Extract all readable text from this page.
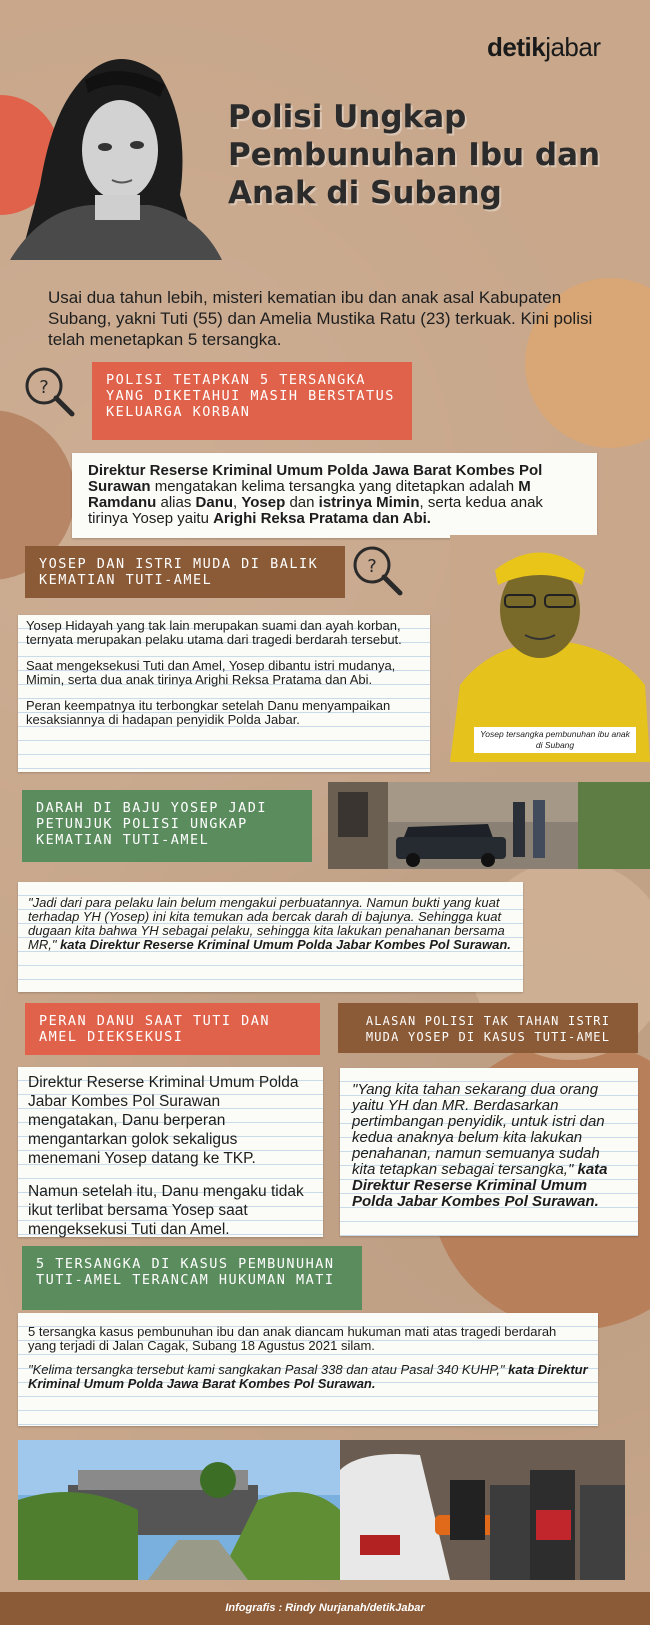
detikjabar
Polisi Ungkap
Pembunuhan Ibu dan
Anak di Subang
Usai dua tahun lebih, misteri kematian ibu dan anak asal Kabupaten Subang, yakni Tuti (55) dan Amelia Mustika Ratu (23) terkuak. Kini polisi telah menetapkan 5 tersangka.
?	POLISI TETAPKAN 5 TERSANGKA YANG DIKETAHUI MASIH BERSTATUS KELUARGA KORBAN
Direktur Reserse Kriminal Umum Polda Jawa Barat Kombes Pol Surawan mengatakan kelima tersangka yang ditetapkan adalah M Ramdanu alias Danu, Yosep dan istrinya Mimin, serta kedua anak tirinya Yosep yaitu Arighi Reksa Pratama dan Abi.
YOSEP DAN ISTRI MUDA DI BALIK KEMATIAN TUTI-AMEL
?
Yosep Hidayah yang tak lain merupakan suami dan ayah korban, ternyata merupakan pelaku utama dari tragedi berdarah tersebut.
Saat mengeksekusi Tuti dan Amel, Yosep dibantu istri mudanya, Mimin, serta dua anak tirinya Arighi Reksa Pratama dan Abi.
Peran keempatnya itu terbongkar setelah Danu menyampaikan kesaksiannya di hadapan penyidik Polda Jabar.
Yosep tersangka pembunuhan ibu anak di Subang
DARAH DI BAJU YOSEP JADI PETUNJUK POLISI UNGKAP KEMATIAN TUTI-AMEL
"Jadi dari para pelaku lain belum mengakui perbuatannya. Namun bukti yang kuat terhadap YH (Yosep) ini kita temukan ada bercak darah di bajunya. Sehingga kuat dugaan kita bahwa YH sebagai pelaku, sehingga kita lakukan penahanan bersama MR," kata Direktur Reserse Kriminal Umum Polda Jabar Kombes Pol Surawan.
PERAN DANU SAAT TUTI DAN AMEL DIEKSEKUSI
Direktur Reserse Kriminal Umum Polda Jabar Kombes Pol Surawan mengatakan, Danu berperan mengantarkan golok sekaligus menemani Yosep datang ke TKP.
Namun setelah itu, Danu mengaku tidak ikut terlibat bersama Yosep saat mengeksekusi Tuti dan Amel.
ALASAN POLISI TAK TAHAN ISTRI MUDA YOSEP DI KASUS TUTI-AMEL
"Yang kita tahan sekarang dua orang yaitu YH dan MR. Berdasarkan pertimbangan penyidik, untuk istri dan kedua anaknya belum kita lakukan penahanan, namun semuanya sudah kita tetapkan sebagai tersangka," kata Direktur Reserse Kriminal Umum Polda Jabar Kombes Pol Surawan.
5 TERSANGKA DI KASUS PEMBUNUHAN TUTI-AMEL TERANCAM HUKUMAN MATI
5 tersangka kasus pembunuhan ibu dan anak diancam hukuman mati atas tragedi berdarah yang terjadi di Jalan Cagak, Subang 18 Agustus 2021 silam.
"Kelima tersangka tersebut kami sangkakan Pasal 338 dan atau Pasal 340 KUHP," kata Direktur Kriminal Umum Polda Jawa Barat Kombes Pol Surawan.
Infografis : Rindy Nurjanah/detikJabar
